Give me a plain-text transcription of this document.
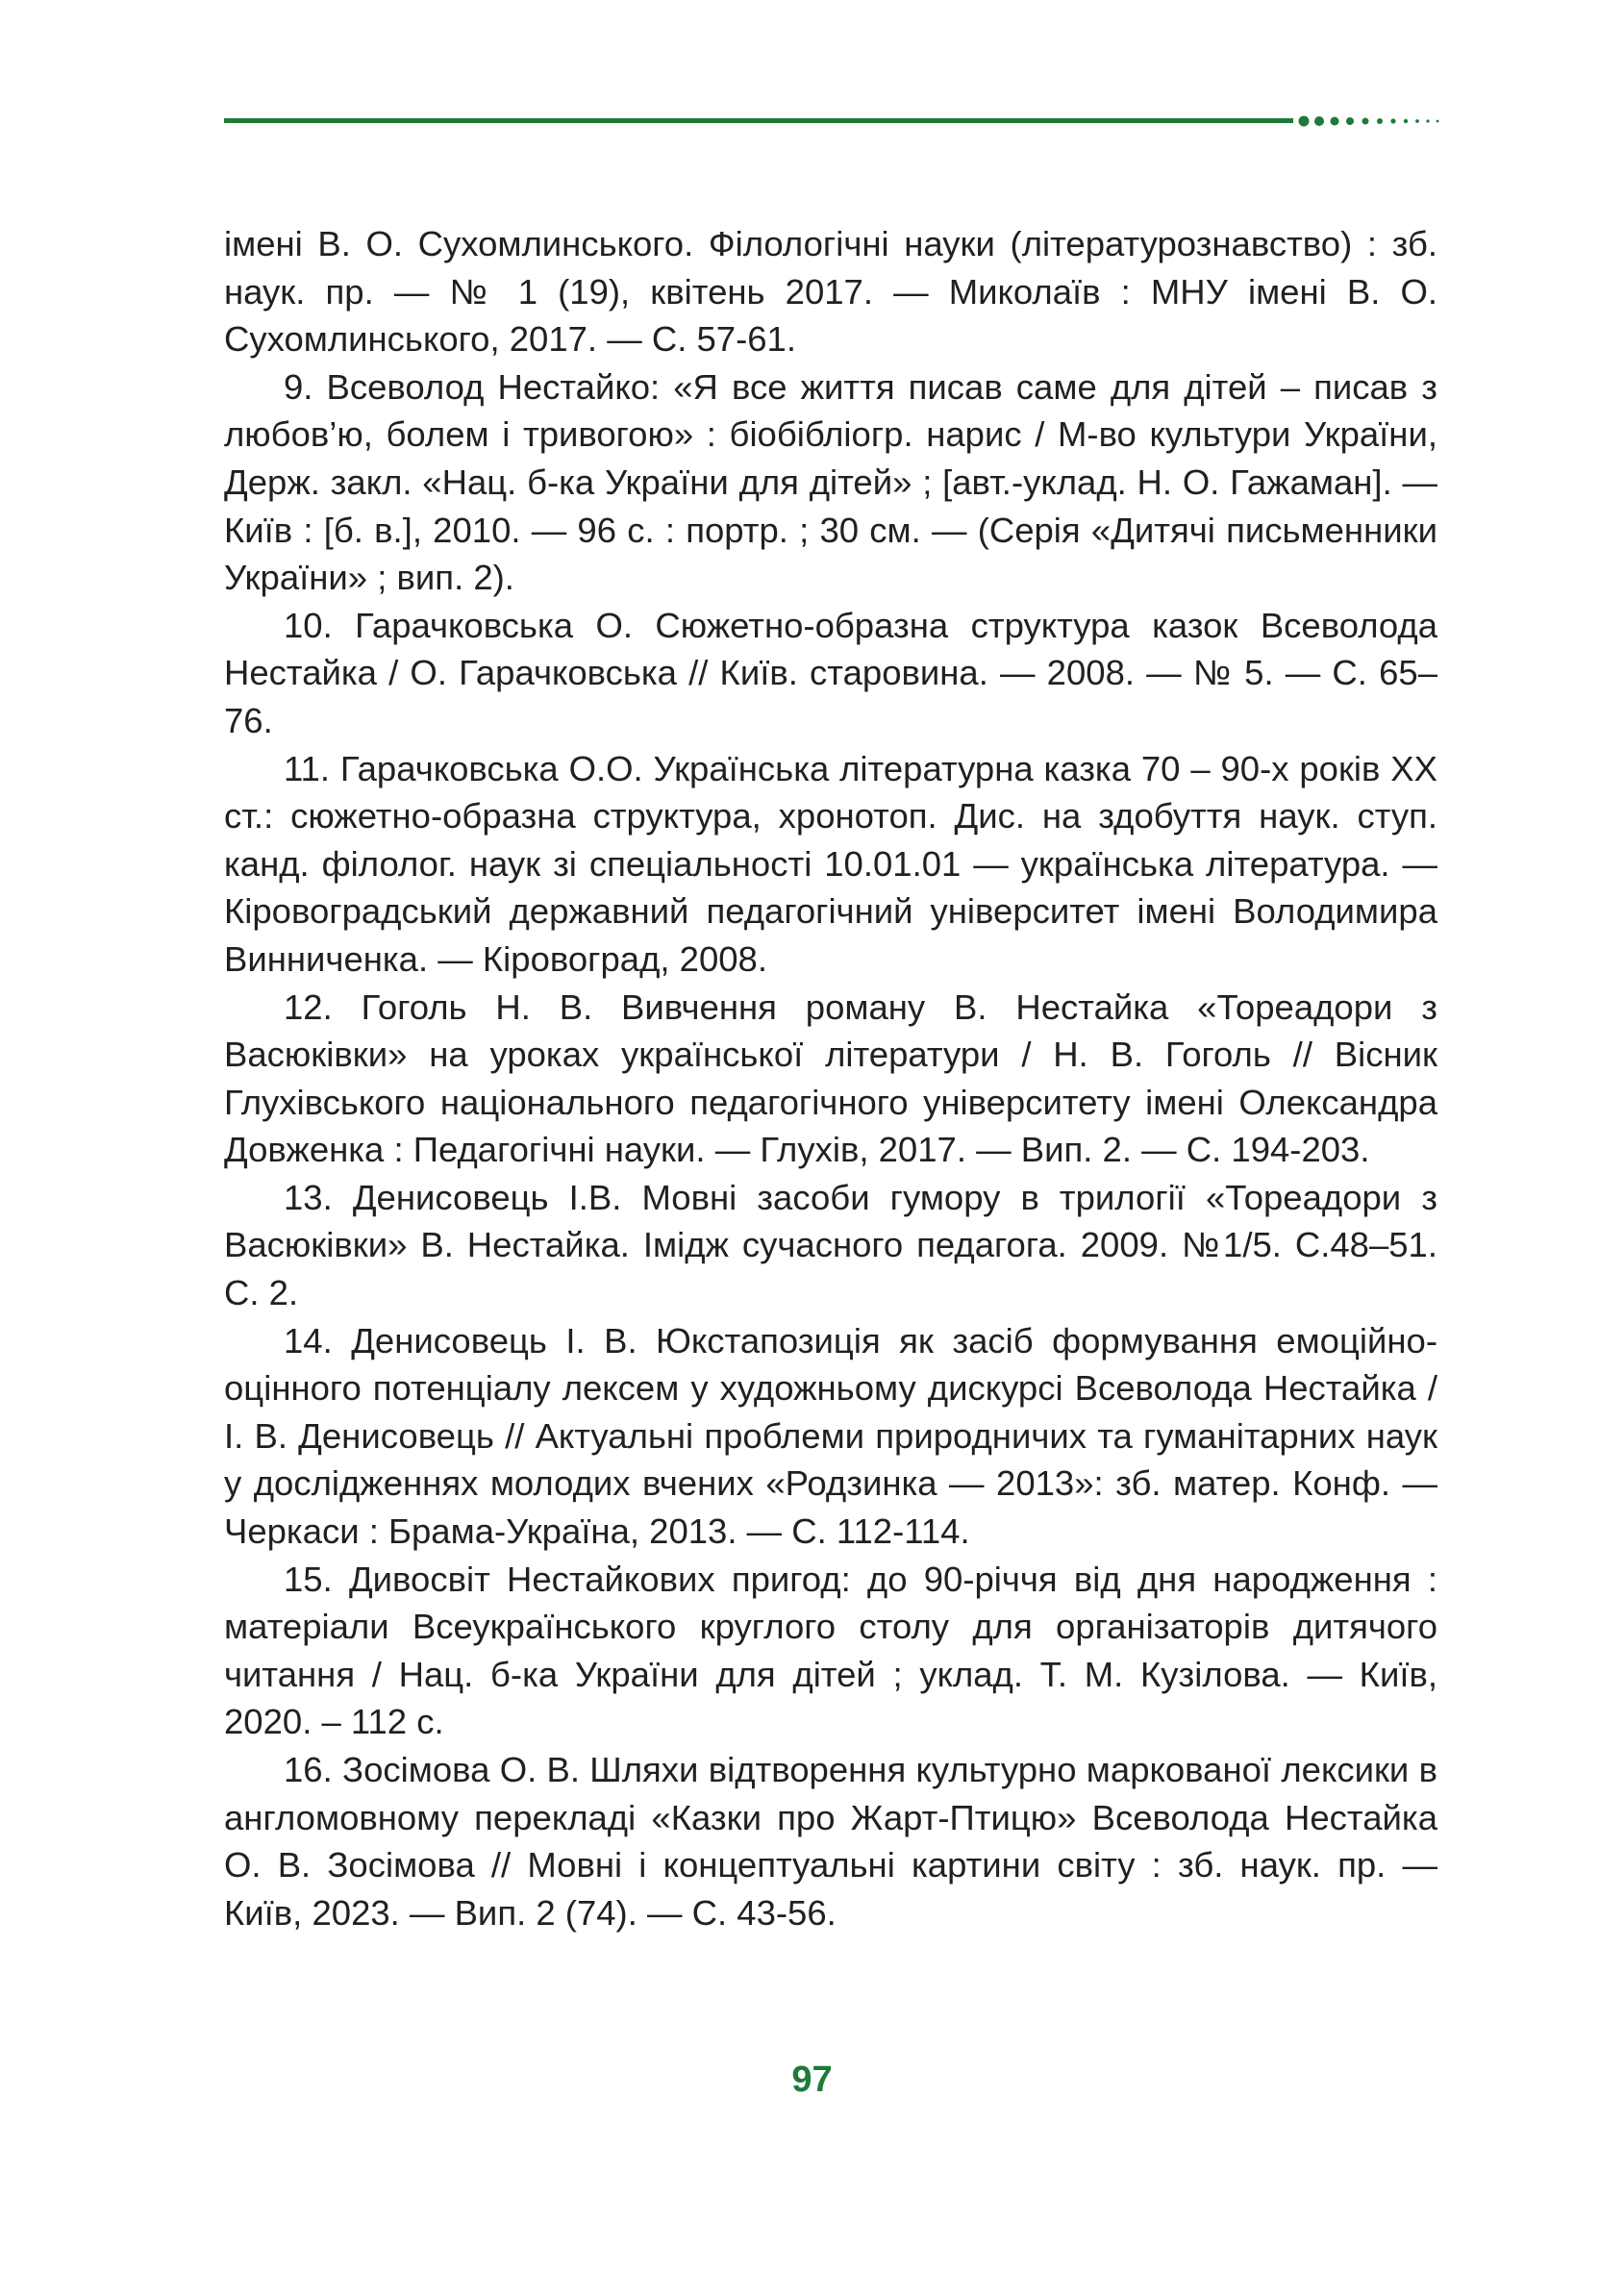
імені В. О. Сухомлинського. Філологічні науки (літературознавство) : зб. наук. пр. — № 1 (19), квітень 2017. — Миколаїв : МНУ імені В. О. Сухомлинського, 2017. — С. 57-61.

9. Всеволод Нестайко: «Я все життя писав саме для дітей – писав з любов’ю, болем і тривогою» : біобібліогр. нарис / М-во культури України, Держ. закл. «Нац. б-ка України для дітей» ; [авт.-уклад. Н. О. Гажаман]. — Київ : [б. в.], 2010. — 96 с. : портр. ; 30 см. — (Серія «Дитячі письменники України» ; вип. 2).

10. Гарачковська О. Сюжетно-образна структура казок Всеволода Нестайка / О. Гарачковська // Київ. старовина. — 2008. — № 5. — С. 65–76.

11. Гарачковська О.О. Українська літературна казка 70 – 90-х років ХХ ст.: сюжетно-образна структура, хронотоп. Дис. на здобуття наук. ступ. канд. філолог. наук зі спеціальності 10.01.01 — українська література. — Кіровоградський державний педагогічний університет імені Володимира Винниченка. — Кіровоград, 2008.

12. Гоголь Н. В. Вивчення роману В. Нестайка «Тореадори з Васюківки» на уроках української літератури / Н. В. Гоголь // Вісник Глухівського національного педагогічного університету імені Олександра Довженка : Педагогічні науки. — Глухів, 2017. — Вип. 2. — С. 194-203.

13. Денисовець І.В. Мовні засоби гумору в трилогії «Тореадори з Васюківки» В. Нестайка. Імідж сучасного педагога. 2009. №1/5. С.48–51. С. 2.

14. Денисовець І. В. Юкстапозиція як засіб формування емоційно-оцінного потенціалу лексем у художньому дискурсі Всеволода Нестайка / І. В. Денисовець // Актуальні проблеми природничих та гуманітарних наук у дослідженнях молодих вчених «Родзинка — 2013»: зб. матер. Конф. — Черкаси : Брама-Україна, 2013. — С. 112-114.

15. Дивосвіт Нестайкових пригод: до 90-річчя від дня народження : матеріали Всеукраїнського круглого столу для організаторів дитячого читання / Нац. б-ка України для дітей ; уклад. Т. М. Кузілова. — Київ, 2020. – 112 с.

16. Зосімова О. В. Шляхи відтворення культурно маркованої лексики в англомовному перекладі «Казки про Жарт-Птицю» Всеволода Нестайка О. В. Зосімова // Мовні і концептуальні картини світу : зб. наук. пр. — Київ, 2023. — Вип. 2 (74). — С. 43-56.

97
